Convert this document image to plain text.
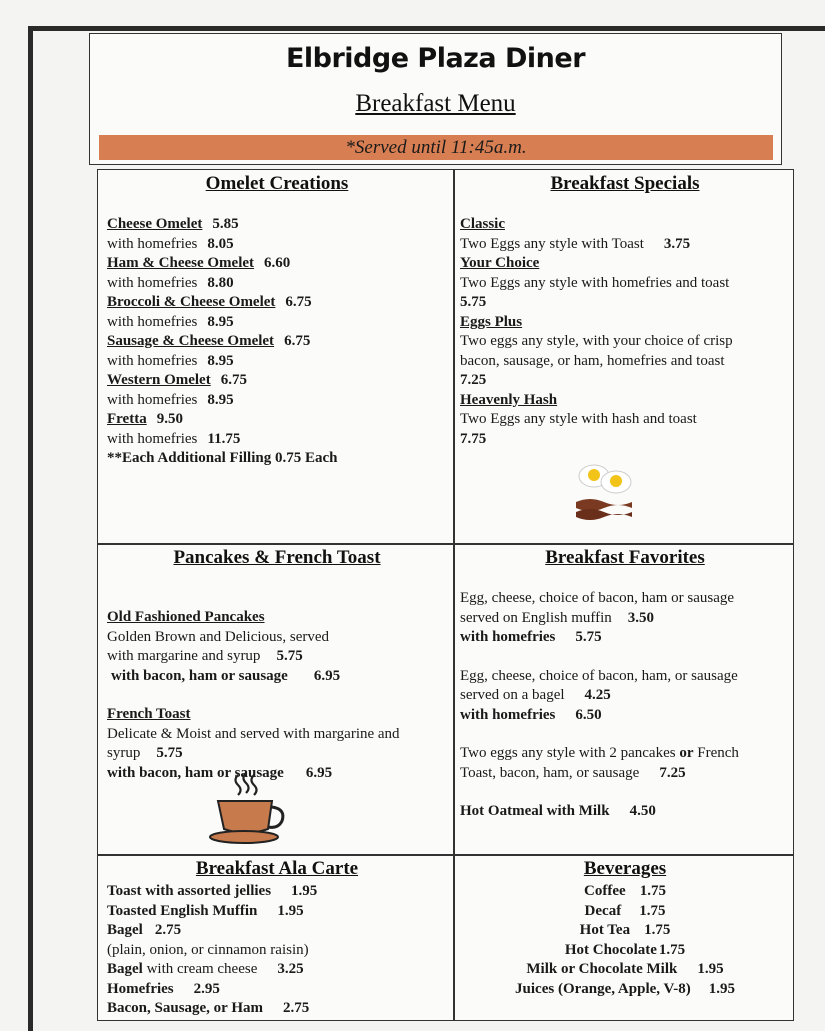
Elbridge Plaza Diner
Breakfast Menu
*Served until 11:45a.m.
Omelet Creations
Cheese Omelet 5.85
with homefries 8.05
Ham & Cheese Omelet 6.60
with homefries 8.80
Broccoli & Cheese Omelet 6.75
with homefries 8.95
Sausage & Cheese Omelet 6.75
with homefries 8.95
Western Omelet 6.75
with homefries 8.95
Fretta 9.50
with homefries 11.75
**Each Additional Filling 0.75 Each
Breakfast Specials
Classic
Two Eggs any style with Toast 3.75
Your Choice
Two Eggs any style with homefries and toast
5.75
Eggs Plus
Two eggs any style, with your choice of crisp
bacon, sausage, or ham, homefries and toast
7.25
Heavenly Hash
Two Eggs any style with hash and toast
7.75
Pancakes & French Toast
Old Fashioned Pancakes
Golden Brown and Delicious, served
with margarine and syrup 5.75
with bacon, ham or sausage 6.95
French Toast
Delicate & Moist and served with margarine and
syrup 5.75
with bacon, ham or sausage 6.95
Breakfast Favorites
Egg, cheese, choice of bacon, ham or sausage
served on English muffin 3.50
with homefries 5.75
Egg, cheese, choice of bacon, ham, or sausage
served on a bagel 4.25
with homefries 6.50
Two eggs any style with 2 pancakes or French
Toast, bacon, ham, or sausage 7.25
Hot Oatmeal with Milk 4.50
Breakfast Ala Carte
Toast with assorted jellies 1.95
Toasted English Muffin 1.95
Bagel 2.75
(plain, onion, or cinnamon raisin)
Bagel with cream cheese 3.25
Homefries 2.95
Bacon, Sausage, or Ham 2.75
Beverages
Coffee 1.75
Decaf 1.75
Hot Tea 1.75
Hot Chocolate 1.75
Milk or Chocolate Milk 1.95
Juices (Orange, Apple, V-8) 1.95
